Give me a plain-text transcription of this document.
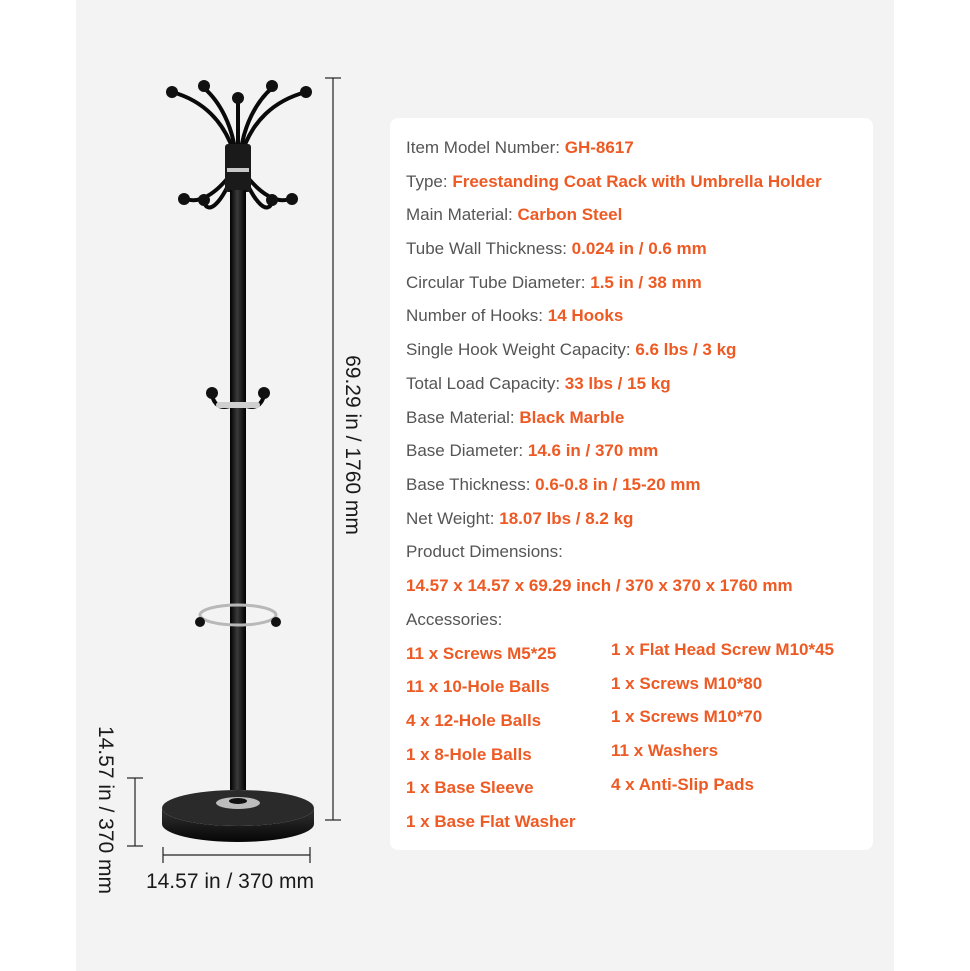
69.29 in / 1760 mm
14.57 in / 370 mm 14.57 in / 370 mm
Item Model Number: GH-8617
Type: Freestanding Coat Rack with Umbrella Holder
Main Material: Carbon Steel
Tube Wall Thickness: 0.024 in / 0.6 mm
Circular Tube Diameter: 1.5 in / 38 mm
Number of Hooks: 14 Hooks
Single Hook Weight Capacity: 6.6 lbs / 3 kg
Total Load Capacity: 33 lbs / 15 kg
Base Material: Black Marble
Base Diameter: 14.6 in / 370 mm
Base Thickness: 0.6-0.8 in / 15-20 mm
Net Weight: 18.07 lbs / 8.2 kg
Product Dimensions:
14.57 x 14.57 x 69.29 inch / 370 x 370 x 1760 mm
Accessories:
11 x Screws M5*25
11 x 10-Hole Balls
4 x 12-Hole Balls
1 x 8-Hole Balls
1 x Base Sleeve
1 x Base Flat Washer
1 x Flat Head Screw M10*45
1 x Screws M10*80
1 x Screws M10*70
11 x Washers
4 x Anti-Slip Pads
